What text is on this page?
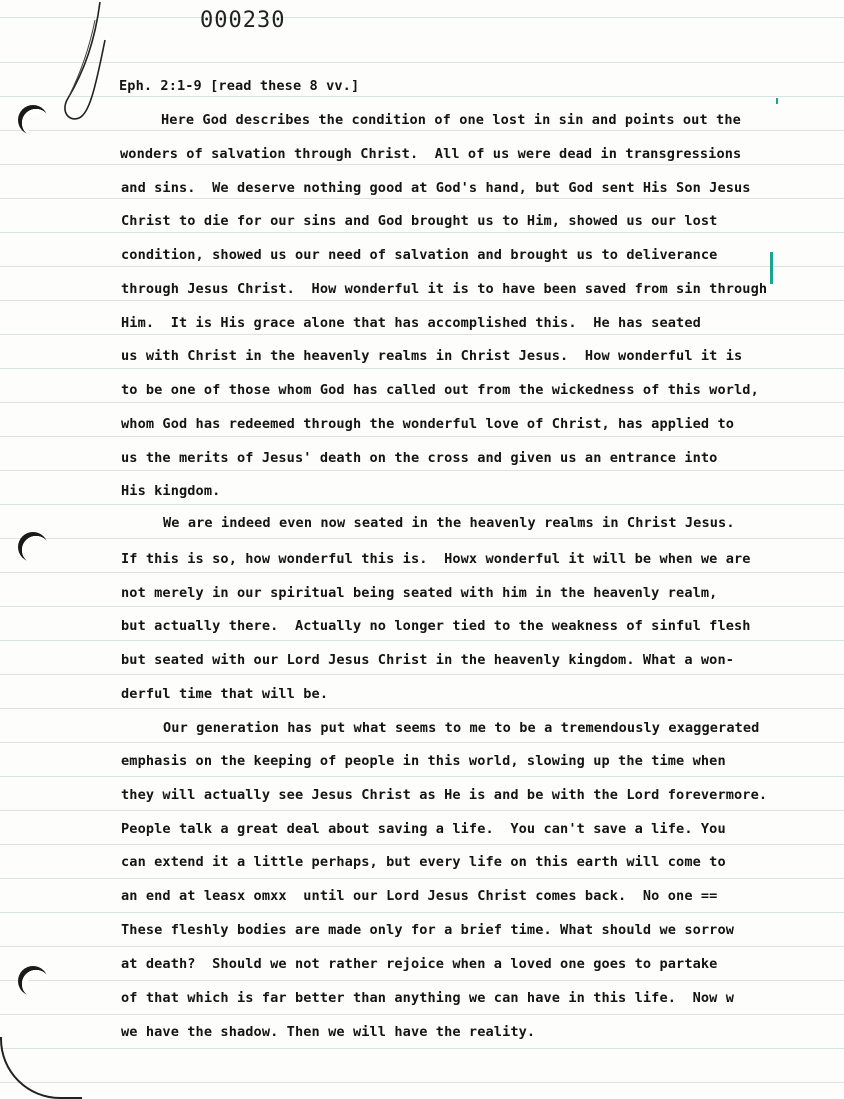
000230
Eph. 2:1-9 [read these 8 vv.]
Here God describes the condition of one lost in sin and points out the
wonders of salvation through Christ.  All of us were dead in transgressions
and sins.  We deserve nothing good at God's hand, but God sent His Son Jesus
Christ to die for our sins and God brought us to Him, showed us our lost
condition, showed us our need of salvation and brought us to deliverance
through Jesus Christ.  How wonderful it is to have been saved from sin through
Him.  It is His grace alone that has accomplished this.  He has seated
us with Christ in the heavenly realms in Christ Jesus.  How wonderful it is
to be one of those whom God has called out from the wickedness of this world,
whom God has redeemed through the wonderful love of Christ, has applied to
us the merits of Jesus' death on the cross and given us an entrance into
His kingdom.
We are indeed even now seated in the heavenly realms in Christ Jesus.
If this is so, how wonderful this is.  Howx wonderful it will be when we are
not merely in our spiritual being seated with him in the heavenly realm,
but actually there.  Actually no longer tied to the weakness of sinful flesh
but seated with our Lord Jesus Christ in the heavenly kingdom. What a won-
derful time that will be.
Our generation has put what seems to me to be a tremendously exaggerated
emphasis on the keeping of people in this world, slowing up the time when
they will actually see Jesus Christ as He is and be with the Lord forevermore.
People talk a great deal about saving a life.  You can't save a life. You
can extend it a little perhaps, but every life on this earth will come to
an end at leasx omxx  until our Lord Jesus Christ comes back.  No one ==
These fleshly bodies are made only for a brief time. What should we sorrow
at death?  Should we not rather rejoice when a loved one goes to partake
of that which is far better than anything we can have in this life.  Now w
we have the shadow. Then we will have the reality.
